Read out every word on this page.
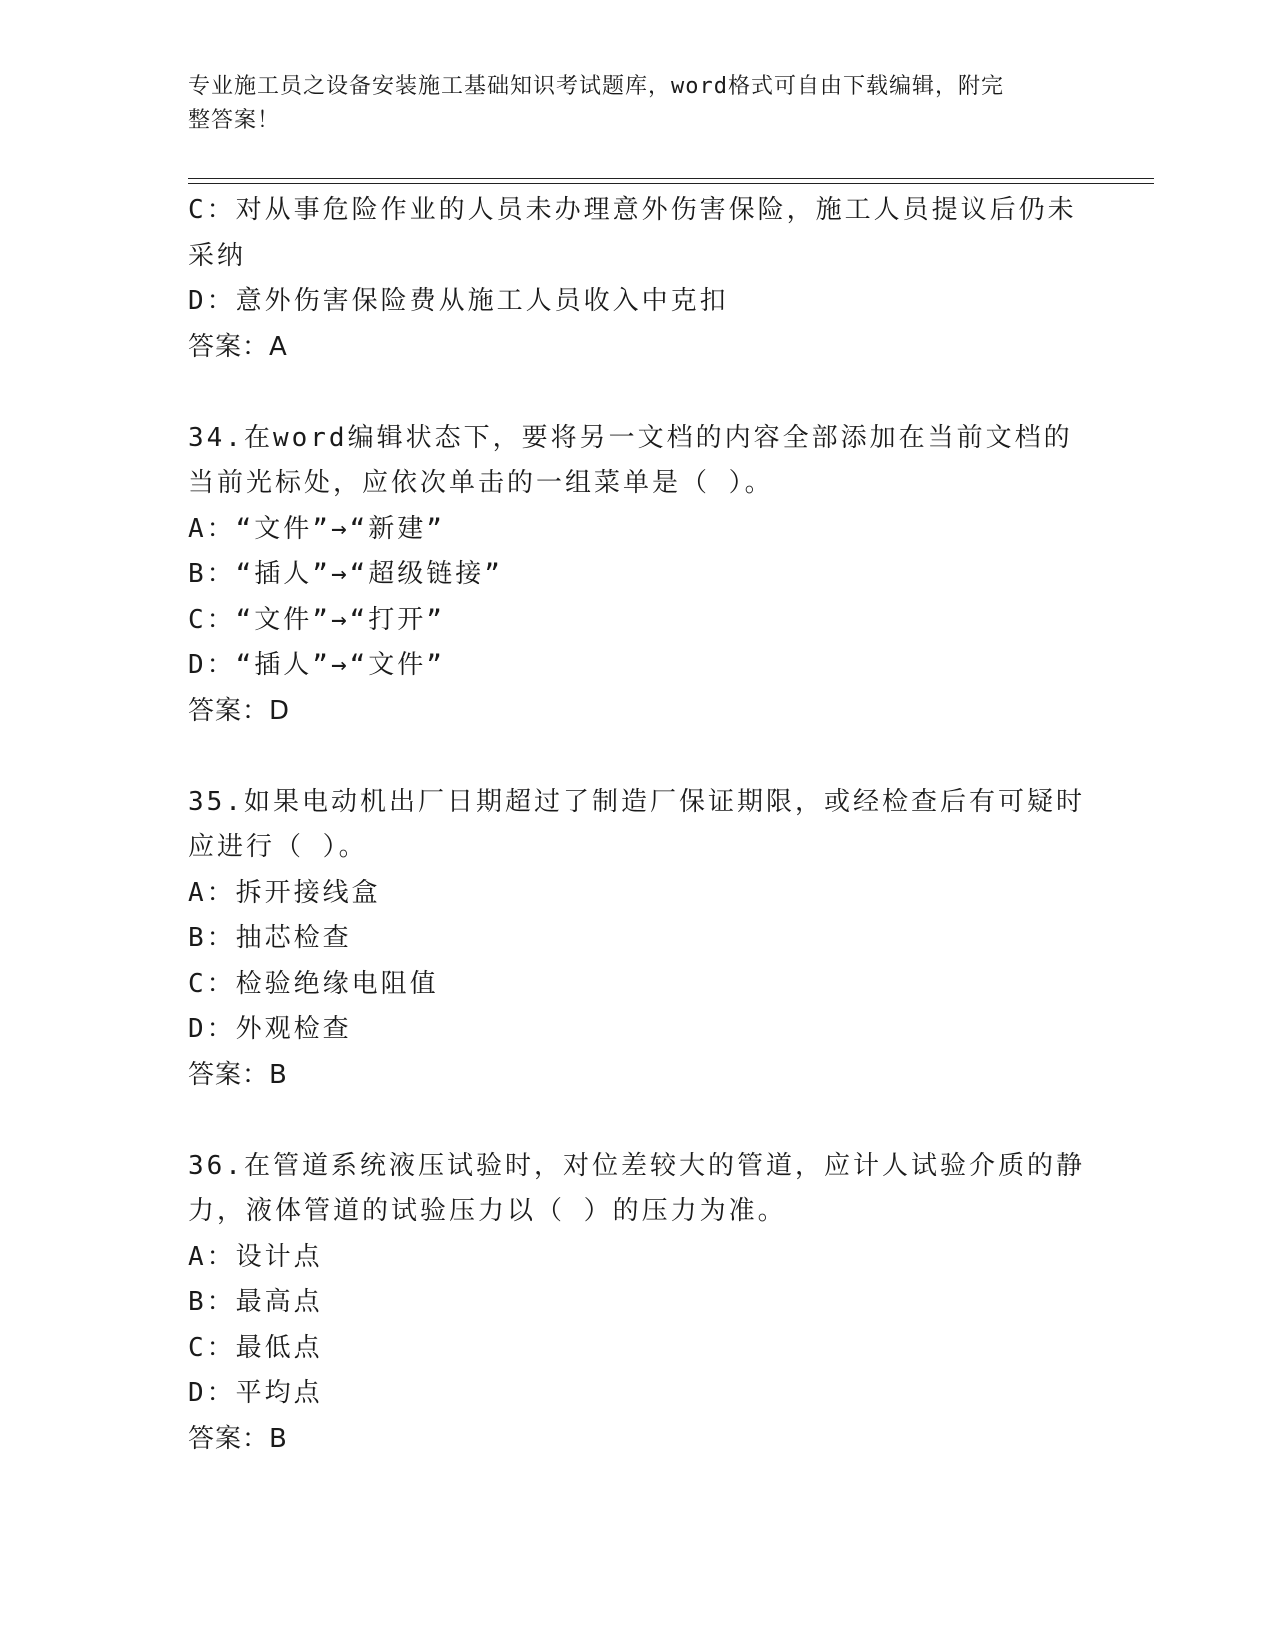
专业施工员之设备安装施工基础知识考试题库，word格式可自由下载编辑，附完
整答案！
C：对从事危险作业的人员未办理意外伤害保险，施工人员提议后仍未
采纳
D：意外伤害保险费从施工人员收入中克扣
答案：A
34.在word编辑状态下，要将另一文档的内容全部添加在当前文档的
当前光标处，应依次单击的一组菜单是（ ）。
A：“文件”→“新建”
B：“插人”→“超级链接”
C：“文件”→“打开”
D：“插人”→“文件”
答案：D
35.如果电动机出厂日期超过了制造厂保证期限，或经检查后有可疑时
应进行（ ）。
A：拆开接线盒
B：抽芯检查
C：检验绝缘电阻值
D：外观检查
答案：B
36.在管道系统液压试验时，对位差较大的管道，应计人试验介质的静
力，液体管道的试验压力以（ ）的压力为准。
A：设计点
B：最高点
C：最低点
D：平均点
答案：B
